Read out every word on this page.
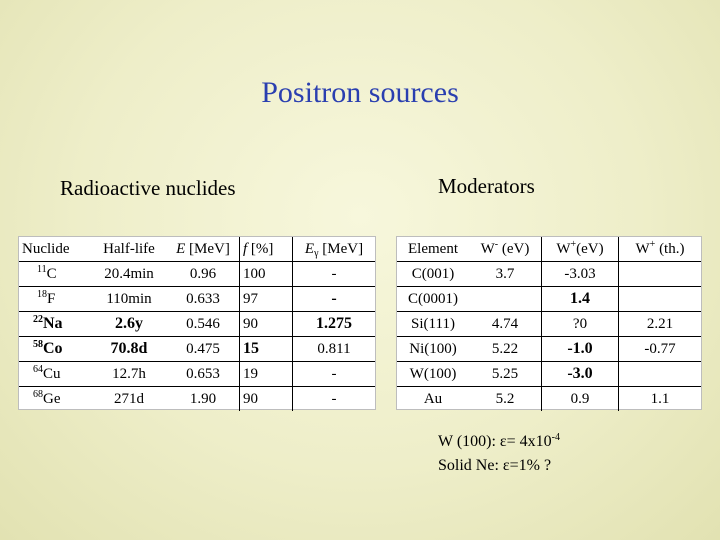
Positron sources
Radioactive nuclides	Moderators
Nuclide	Half-life	E [MeV]	f [%]	$E_\gamma$ [MeV]
$^{11}$C	20.4min	0.96	100	-
$^{18}$F	110min	0.633	97	-
$^{22}$Na	2.6y	0.546	90	1.275
$^{58}$Co	70.8d	0.475	15	0.811
$^{64}$Cu	12.7h	0.653	19	-
$^{68}$Ge	271d	1.90	90	-
Element	W- (eV)	W+(eV)	W+ (th.)
C(001)	3.7	-3.03	
C(0001)		1.4	
Si(111)	4.74	?0	2.21
Ni(100)	5.22	-1.0	-0.77
W(100)	5.25	-3.0	
Au	5.2	0.9	1.1
W (100): $\varepsilon= 4x10^{-4}$
Solid Ne: ε=1% ?
